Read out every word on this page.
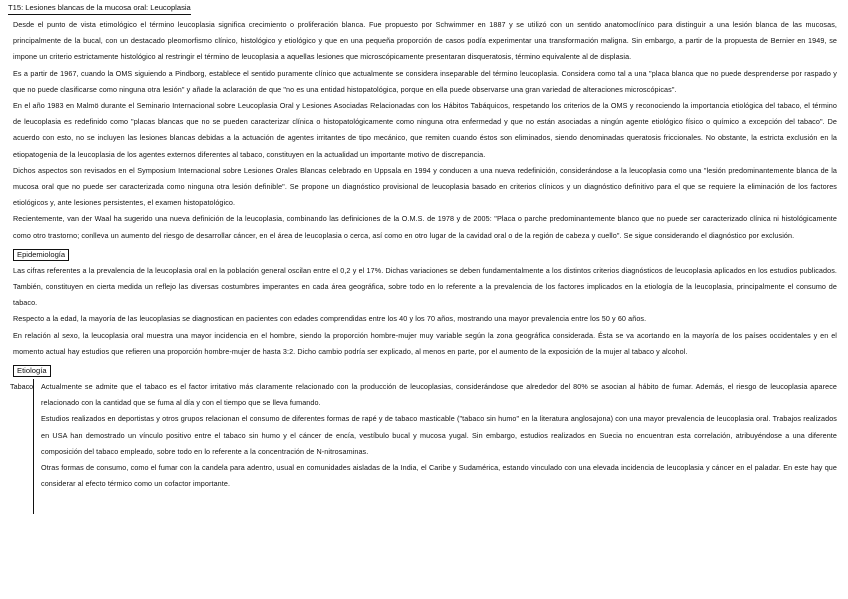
T15: Lesiones blancas de la mucosa oral: Leucoplasia

Desde el punto de vista etimológico el término leucoplasia significa crecimiento o proliferación blanca. Fue propuesto por Schwimmer en 1887 y se utilizó con un sentido anatomoclínico para distinguir a una lesión blanca de las mucosas, principalmente de la bucal, con un destacado pleomorfismo clínico, histológico y etiológico y que en una pequeña proporción de casos podía experimentar una transformación maligna. Sin embargo, a partir de la propuesta de Bernier en 1949, se impone un criterio estrictamente histológico al restringir el término de leucoplasia a aquellas lesiones que microscópicamente presentaran disqueratosis, término equivalente al de displasia.

Es a partir de 1967, cuando la OMS siguiendo a Pindborg, establece el sentido puramente clínico que actualmente se considera inseparable del término leucoplasia. Considera como tal a una "placa blanca que no puede desprenderse por raspado y que no puede clasificarse como ninguna otra lesión" y añade la aclaración de que "no es una entidad histopatológica, porque en ella puede observarse una gran variedad de alteraciones microscópicas".

En el año 1983 en Malmö durante el Seminario Internacional sobre Leucoplasia Oral y Lesiones Asociadas Relacionadas con los Hábitos Tabáquicos, respetando los criterios de la OMS y reconociendo la importancia etiológica del tabaco, el término de leucoplasia es redefinido como "placas blancas que no se pueden caracterizar clínica o histopatológicamente como ninguna otra enfermedad y que no están asociadas a ningún agente etiológico físico o químico a excepción del tabaco". De acuerdo con esto, no se incluyen las lesiones blancas debidas a la actuación de agentes irritantes de tipo mecánico, que remiten cuando éstos son eliminados, siendo denominadas queratosis friccionales. No obstante, la estricta exclusión en la etiopatogenia de la leucoplasia de los agentes externos diferentes al tabaco, constituyen en la actualidad un importante motivo de discrepancia.

Dichos aspectos son revisados en el Symposium Internacional sobre Lesiones Orales Blancas celebrado en Uppsala en 1994 y conducen a una nueva redefinición, considerándose a la leucoplasia como una "lesión predominantemente blanca de la mucosa oral que no puede ser caracterizada como ninguna otra lesión definible". Se propone un diagnóstico provisional de leucoplasia basado en criterios clínicos y un diagnóstico definitivo para el que se requiere la eliminación de los factores etiológicos y, ante lesiones persistentes, el examen histopatológico.

Recientemente, van der Waal ha sugerido una nueva definición de la leucoplasia, combinando las definiciones de la O.M.S. de 1978 y de 2005: "Placa o parche predominantemente blanco que no puede ser caracterizado clínica ni histológicamente como otro trastorno; conlleva un aumento del riesgo de desarrollar cáncer, en el área de leucoplasia o cerca, así como en otro lugar de la cavidad oral o de la región de cabeza y cuello". Se sigue considerando el diagnóstico por exclusión.

Epidemiología

Las cifras referentes a la prevalencia de la leucoplasia oral en la población general oscilan entre el 0,2 y el 17%. Dichas variaciones se deben fundamentalmente a los distintos criterios diagnósticos de leucoplasia aplicados en los estudios publicados. También, constituyen en cierta medida un reflejo las diversas costumbres imperantes en cada área geográfica, sobre todo en lo referente a la prevalencia de los factores implicados en la etiología de la leucoplasia, principalmente el consumo de tabaco.

Respecto a la edad, la mayoría de las leucoplasias se diagnostican en pacientes con edades comprendidas entre los 40 y los 70 años, mostrando una mayor prevalencia entre los 50 y 60 años.

En relación al sexo, la leucoplasia oral muestra una mayor incidencia en el hombre, siendo la proporción hombre-mujer muy variable según la zona geográfica considerada. Ésta se va acortando en la mayoría de los países occidentales y en el momento actual hay estudios que refieren una proporción hombre-mujer de hasta 3:2. Dicho cambio podría ser explicado, al menos en parte, por el aumento de la exposición de la mujer al tabaco y alcohol.

Etiología
Tabaco Actualmente se admite que el tabaco es el factor irritativo más claramente relacionado con la producción de leucoplasias, considerándose que alrededor del 80% se asocian al hábito de fumar. Además, el riesgo de leucoplasia aparece relacionado con la cantidad que se fuma al día y con el tiempo que se lleva fumando.

Estudios realizados en deportistas y otros grupos relacionan el consumo de diferentes formas de rapé y de tabaco masticable ("tabaco sin humo" en la literatura anglosajona) con una mayor prevalencia de leucoplasia oral. Trabajos realizados en USA han demostrado un vínculo positivo entre el tabaco sin humo y el cáncer de encía, vestíbulo bucal y mucosa yugal. Sin embargo, estudios realizados en Suecia no encuentran esta correlación, atribuyéndose a una diferente composición del tabaco empleado, sobre todo en lo referente a la concentración de N-nitrosaminas.

Otras formas de consumo, como el fumar con la candela para adentro, usual en comunidades aisladas de la India, el Caribe y Sudamérica, estando vinculado con una elevada incidencia de leucoplasia y cáncer en el paladar. En este hay que considerar al efecto térmico como un cofactor importante.
